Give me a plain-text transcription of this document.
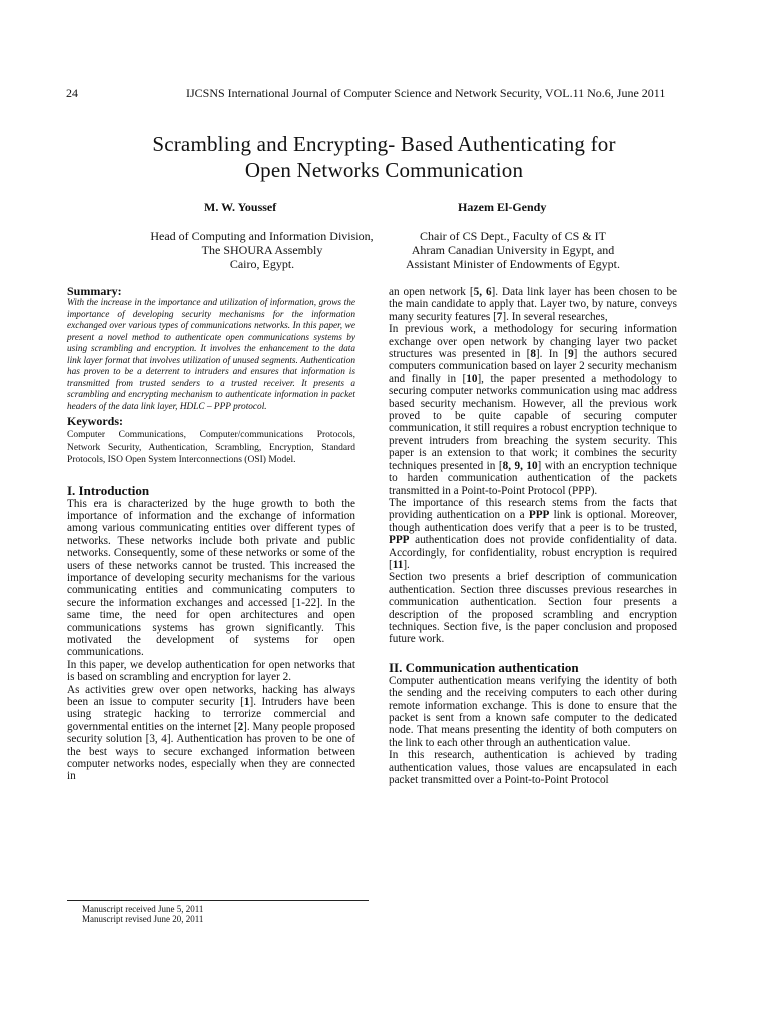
24	IJCSNS International Journal of Computer Science and Network Security, VOL.11 No.6, June 2011
Scrambling and Encrypting- Based Authenticating for
Open Networks Communication
M. W. Youssef	Hazem El-Gendy
Head of Computing and Information Division,
The SHOURA Assembly
Cairo, Egypt.
Chair of CS Dept., Faculty of CS & IT
Ahram Canadian University in Egypt, and
Assistant Minister of Endowments of Egypt.
Summary:
With the increase in the importance and utilization of information, grows the importance of developing security mechanisms for the information exchanged over various types of communications networks. In this paper, we present a novel method to authenticate open communications systems by using scrambling and encryption. It involves the enhancement to the data link layer format that involves utilization of unused segments. Authentication has proven to be a deterrent to intruders and ensures that information is transmitted from trusted senders to a trusted receiver. It presents a scrambling and encrypting mechanism to authenticate information in packet headers of the data link layer, HDLC – PPP protocol.
Keywords:
Computer Communications, Computer/communications Protocols, Network Security, Authentication, Scrambling, Encryption, Standard Protocols, ISO Open System Interconnections (OSI) Model.
I. Introduction

This era is characterized by the huge growth to both the importance of information and the exchange of information among various communicating entities over different types of networks. These networks include both private and public networks. Consequently, some of these networks or some of the users of these networks cannot be trusted. This increased the importance of developing security mechanisms for the various communicating entities and communicating computers to secure the information exchanges and accessed [1-22]. In the same time, the need for open architectures and open communications systems has grown significantly. This motivated the development of systems for open communications.

In this paper, we develop authentication for open networks that is based on scrambling and encryption for layer 2.

As activities grew over open networks, hacking has always been an issue to computer security [1]. Intruders have been using strategic hacking to terrorize commercial and governmental entities on the internet [2]. Many people proposed security solution [3, 4]. Authentication has proven to be one of the best ways to secure exchanged information between computer networks nodes, especially when they are connected in

an open network [5, 6]. Data link layer has been chosen to be the main candidate to apply that. Layer two, by nature, conveys many security features [7]. In several researches,

In previous work, a methodology for securing information exchange over open network by changing layer two packet structures was presented in [8]. In [9] the authors secured computers communication based on layer 2 security mechanism and finally in [10], the paper presented a methodology to securing computer networks communication using mac address based security mechanism. However, all the previous work proved to be quite capable of securing computer communication, it still requires a robust encryption technique to prevent intruders from breaching the system security. This paper is an extension to that work; it combines the security techniques presented in [8, 9, 10] with an encryption technique to harden communication authentication of the packets transmitted in a Point-to-Point Protocol (PPP).

The importance of this research stems from the facts that providing authentication on a PPP link is optional. Moreover, though authentication does verify that a peer is to be trusted, PPP authentication does not provide confidentiality of data. Accordingly, for confidentiality, robust encryption is required [11].

Section two presents a brief description of communication authentication. Section three discusses previous researches in communication authentication. Section four presents a description of the proposed scrambling and encryption techniques. Section five, is the paper conclusion and proposed future work.

II. Communication authentication

Computer authentication means verifying the identity of both the sending and the receiving computers to each other during remote information exchange. This is done to ensure that the packet is sent from a known safe computer to the dedicated node. That means presenting the identity of both computers on the link to each other through an authentication value.

In this research, authentication is achieved by trading authentication values, those values are encapsulated in each packet transmitted over a Point-to-Point Protocol

Manuscript received June 5, 2011
Manuscript revised June 20, 2011
